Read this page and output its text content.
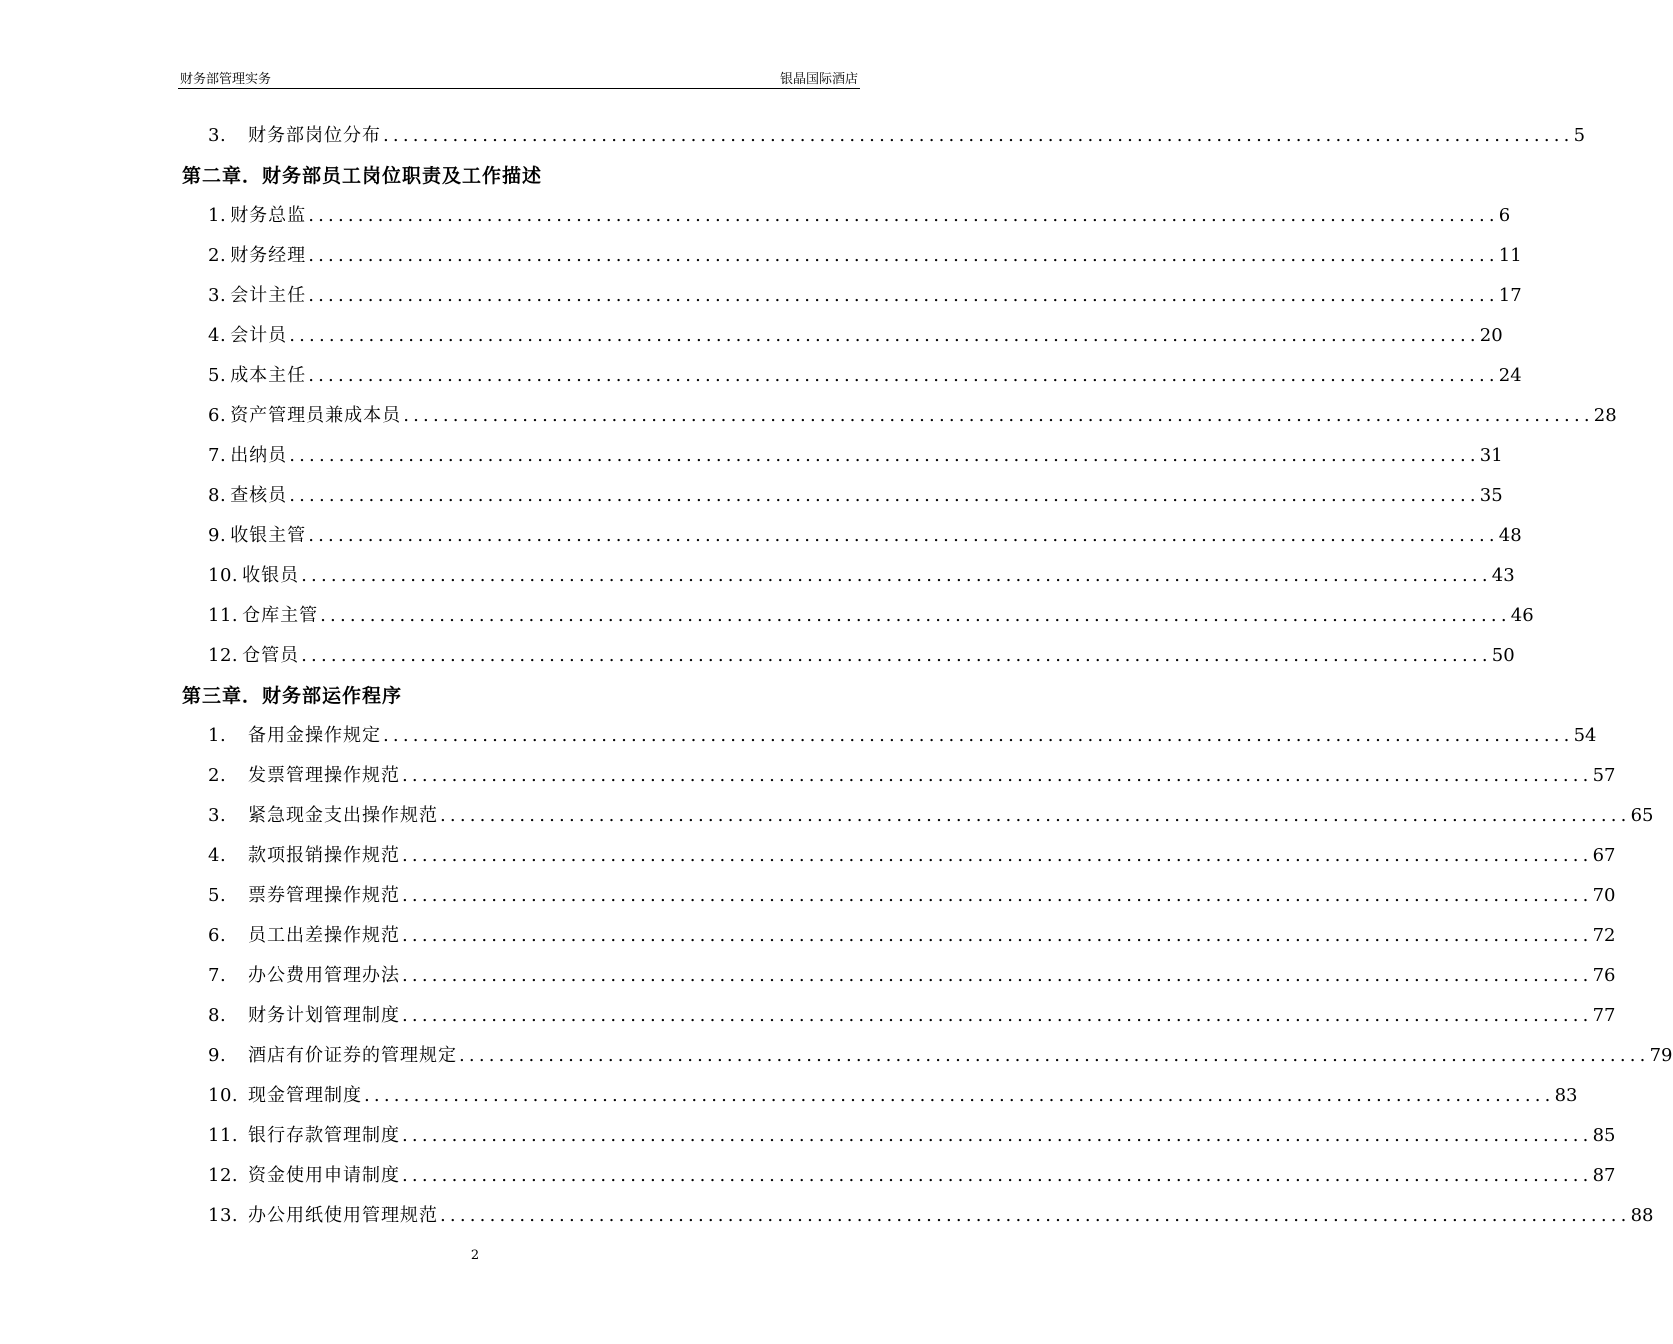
财务部管理实务	银晶国际酒店
3.	财务部岗位分布 ........................................................................................................................ 5
第二章．财务部员工岗位职责及工作描述
1. 财务总监 ........................................................................................................................ 6
2. 财务经理 ........................................................................................................................ 11
3. 会计主任 ........................................................................................................................ 17
4. 会计员 ........................................................................................................................ 20
5. 成本主任 ........................................................................................................................ 24
6. 资产管理员兼成本员 ........................................................................................................................ 28
7. 出纳员 ........................................................................................................................ 31
8. 查核员 ........................................................................................................................ 35
9. 收银主管 ........................................................................................................................ 48
10. 收银员 ........................................................................................................................ 43
11. 仓库主管 ........................................................................................................................ 46
12. 仓管员 ........................................................................................................................ 50
第三章．财务部运作程序
1.	备用金操作规定 ........................................................................................................................ 54
2.	发票管理操作规范 ........................................................................................................................ 57
3.	紧急现金支出操作规范 ........................................................................................................................ 65
4.	款项报销操作规范 ........................................................................................................................ 67
5.	票券管理操作规范 ........................................................................................................................ 70
6.	员工出差操作规范 ........................................................................................................................ 72
7.	办公费用管理办法 ........................................................................................................................ 76
8.	财务计划管理制度 ........................................................................................................................ 77
9.	酒店有价证券的管理规定 ........................................................................................................................ 79
10. 现金管理制度 ........................................................................................................................ 83
11. 银行存款管理制度 ........................................................................................................................ 85
12. 资金使用申请制度 ........................................................................................................................ 87
13. 办公用纸使用管理规范 ........................................................................................................................ 88
2
